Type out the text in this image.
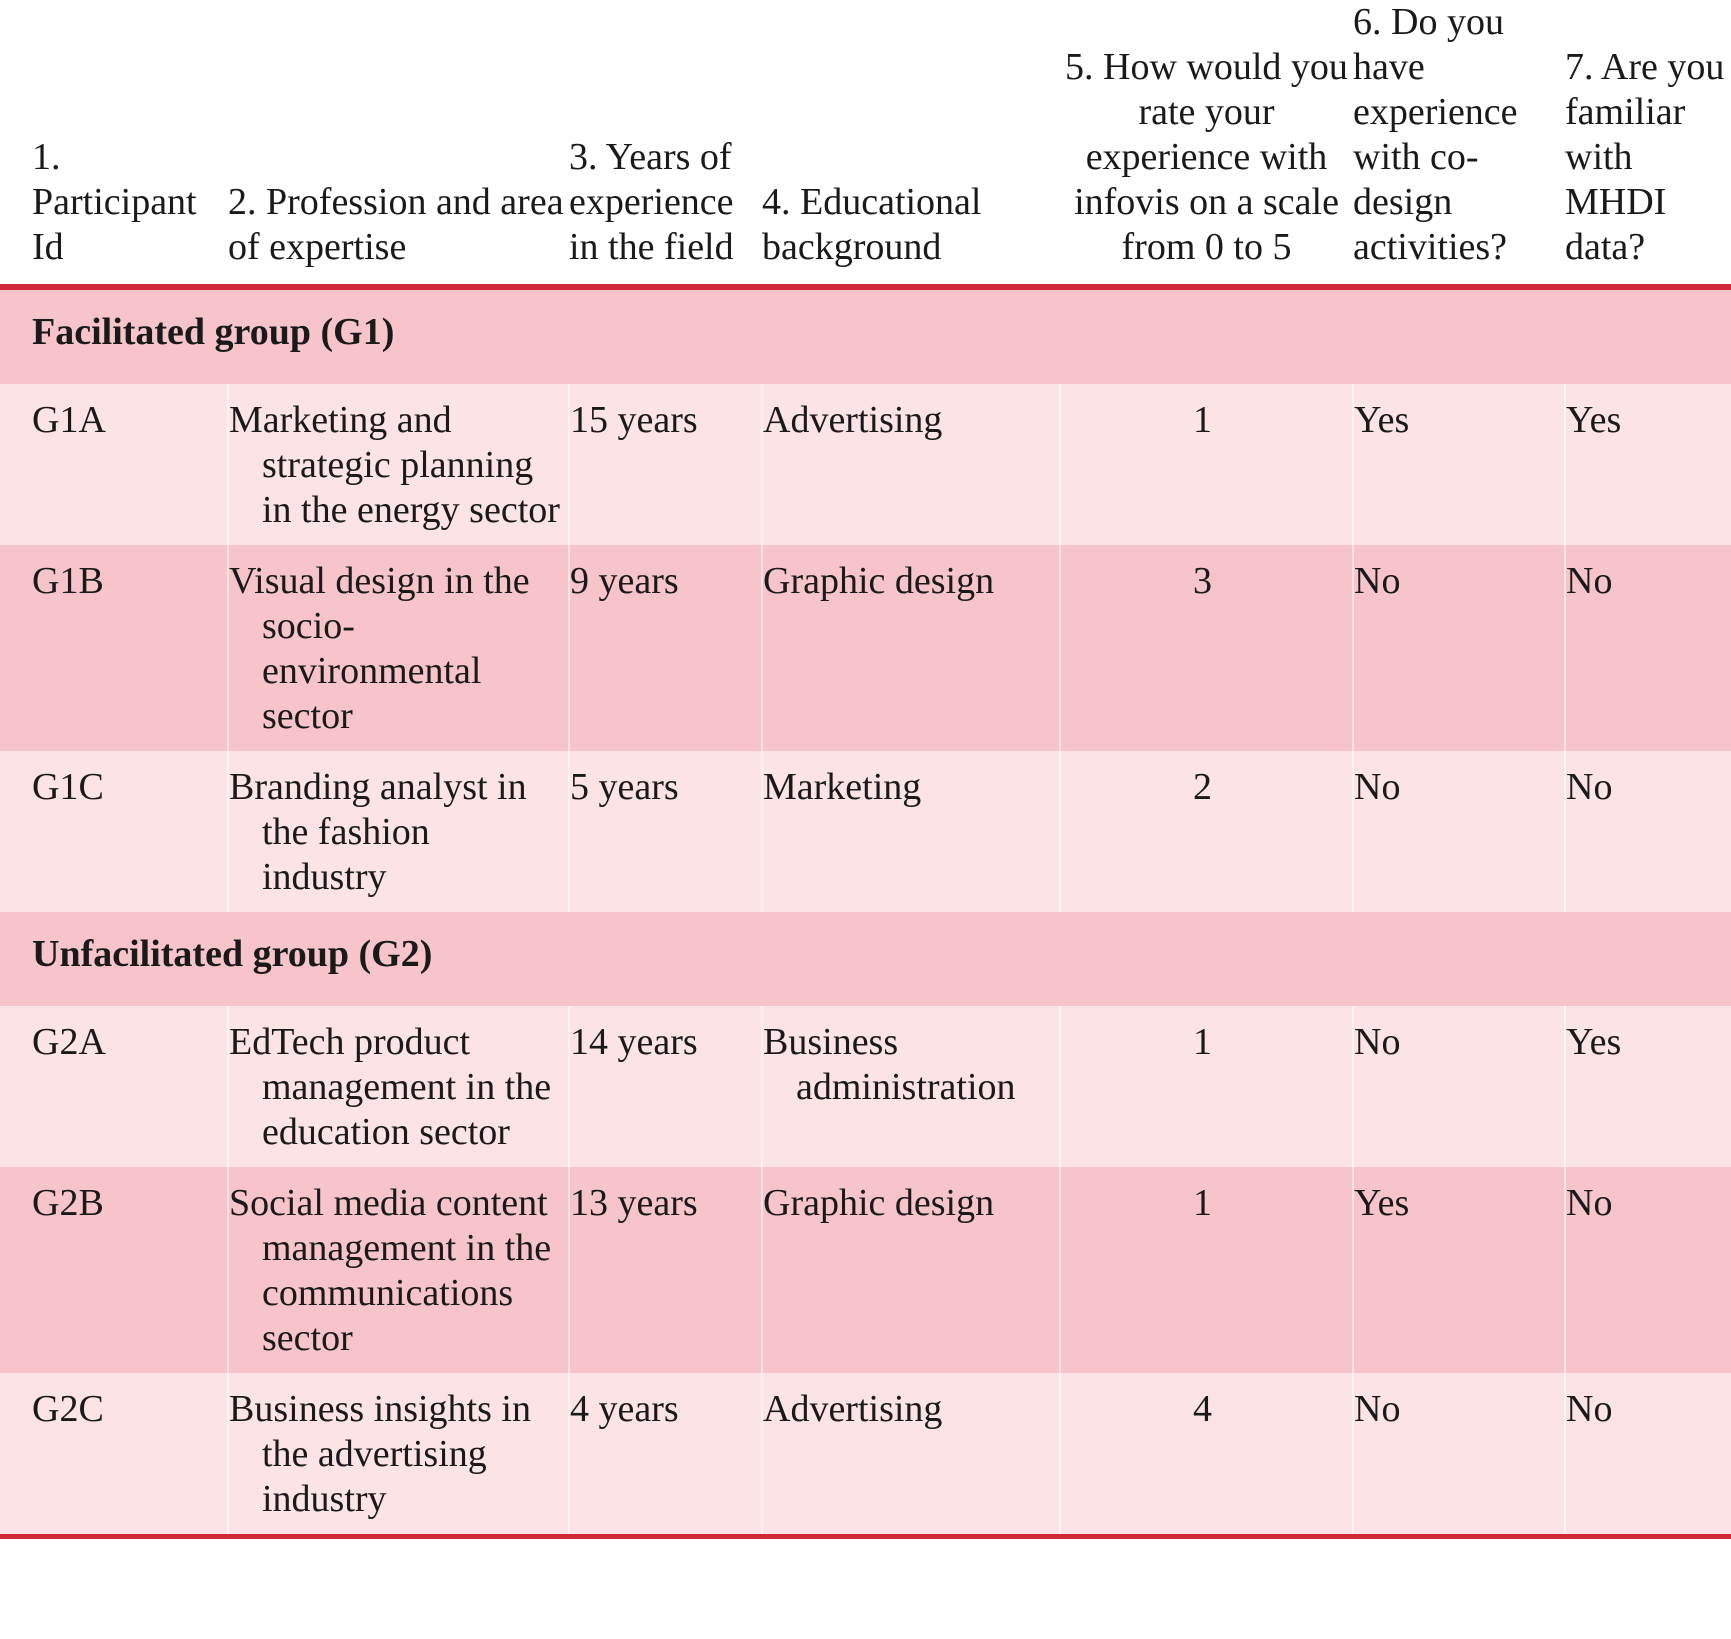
1. Participant Id	2. Profession and area of expertise	3. Years of experience in the field	4. Educational background	5. How would you rate your experience with infovis on a scale from 0 to 5	6. Do you have experience with co-design activities?	7. Are you familiar with MHDI data?
Facilitated group (G1)						
G1A	Marketing and strategic planning in the energy sector	15 years	Advertising	1	Yes	Yes
G1B	Visual design in the socio-environmental sector	9 years	Graphic design	3	No	No
G1C	Branding analyst in the fashion industry	5 years	Marketing	2	No	No
Unfacilitated group (G2)						
G2A	EdTech product management in the education sector	14 years	Business administration	1	No	Yes
G2B	Social media content management in the communications sector	13 years	Graphic design	1	Yes	No
G2C	Business insights in the advertising industry	4 years	Advertising	4	No	No
